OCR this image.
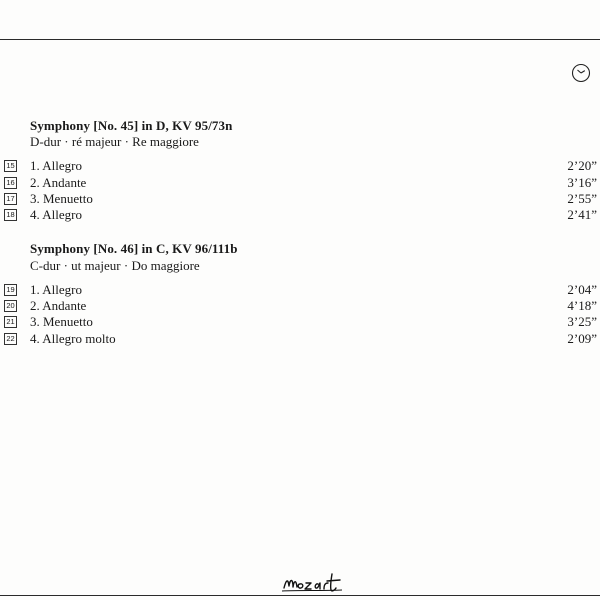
Symphony [No. 45] in D, KV 95/73n
D-dur · ré majeur · Re maggiore
15 1. Allegro	2’20”
16 2. Andante	3’16”
17 3. Menuetto	2’55”
18 4. Allegro	2’41”
Symphony [No. 46] in C, KV 96/111b
C-dur · ut majeur · Do maggiore
19 1. Allegro	2’04”
20 2. Andante	4’18”
21 3. Menuetto	3’25”
22 4. Allegro molto	2’09”
